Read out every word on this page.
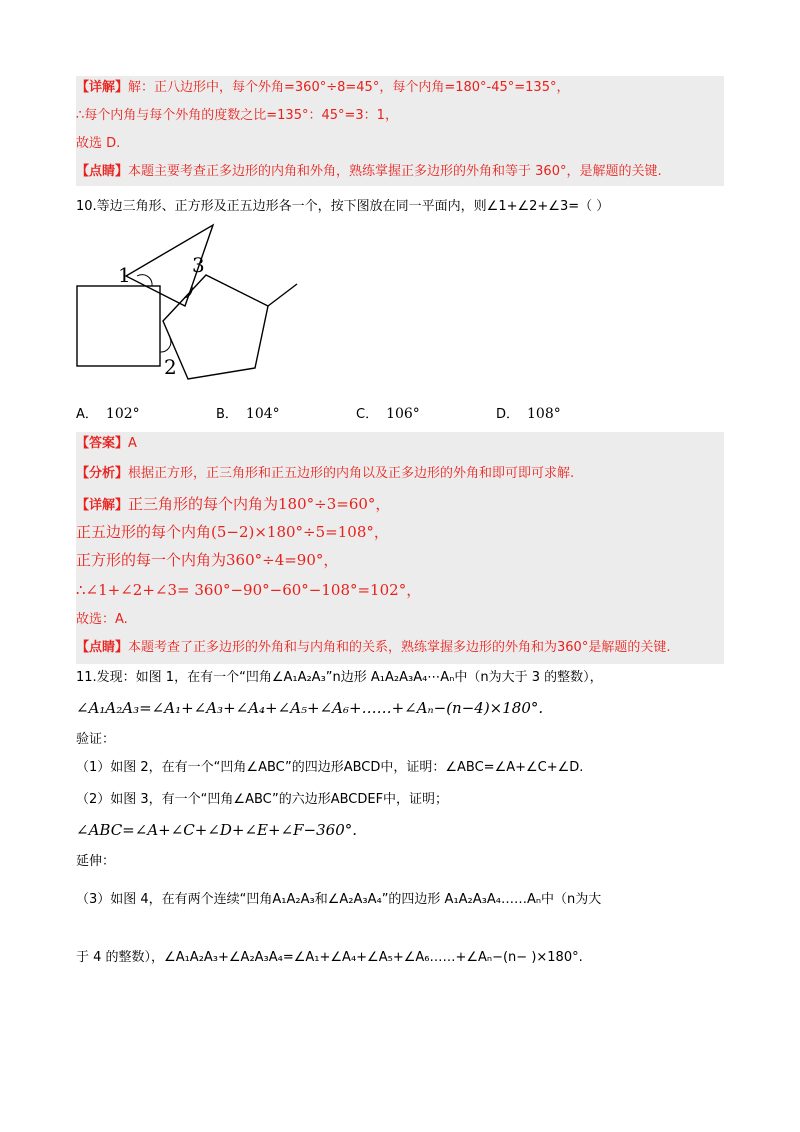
【详解】解：正八边形中，每个外角=360°÷8=45°，每个内角=180°-45°=135°，
∴每个内角与每个外角的度数之比=135°：45°=3：1，
故选 D.
【点睛】本题主要考查正多边形的内角和外角，熟练掌握正多边形的外角和等于 360°，是解题的关键.
10.等边三角形、正方形及正五边形各一个，按下图放在同一平面内，则∠1+∠2+∠3=（ ）
1	3
2
A． 102°	B． 104°	C． 106°	D． 108°
【答案】A
【分析】根据正方形，正三角形和正五边形的内角以及正多边形的外角和即可即可求解.
【详解】正三角形的每个内角为180°÷3=60°，
正五边形的每个内角(5−2)×180°÷5=108°，
正方形的每一个内角为360°÷4=90°，
∴∠1+∠2+∠3= 360°−90°−60°−108°=102°，
故选：A.
【点睛】本题考查了正多边形的外角和与内角和的关系，熟练掌握多边形的外角和为360°是解题的关键.
11.发现：如图 1，在有一个“凹角∠A₁A₂A₃”n边形 A₁A₂A₃A₄⋯Aₙ中（n为大于 3 的整数），
∠A₁A₂A₃=∠A₁+∠A₃+∠A₄+∠A₅+∠A₆+……+∠Aₙ−(n−4)×180°.
验证：
（1）如图 2，在有一个“凹角∠ABC”的四边形ABCD中，证明：∠ABC=∠A+∠C+∠D.
（2）如图 3，有一个“凹角∠ABC”的六边形ABCDEF中，证明；
∠ABC=∠A+∠C+∠D+∠E+∠F−360°.
延伸：
（3）如图 4，在有两个连续“凹角A₁A₂A₃和∠A₂A₃A₄”的四边形 A₁A₂A₃A₄……Aₙ中（n为大
于 4 的整数），∠A₁A₂A₃+∠A₂A₃A₄=∠A₁+∠A₄+∠A₅+∠A₆……+∠Aₙ−(n− )×180°.
